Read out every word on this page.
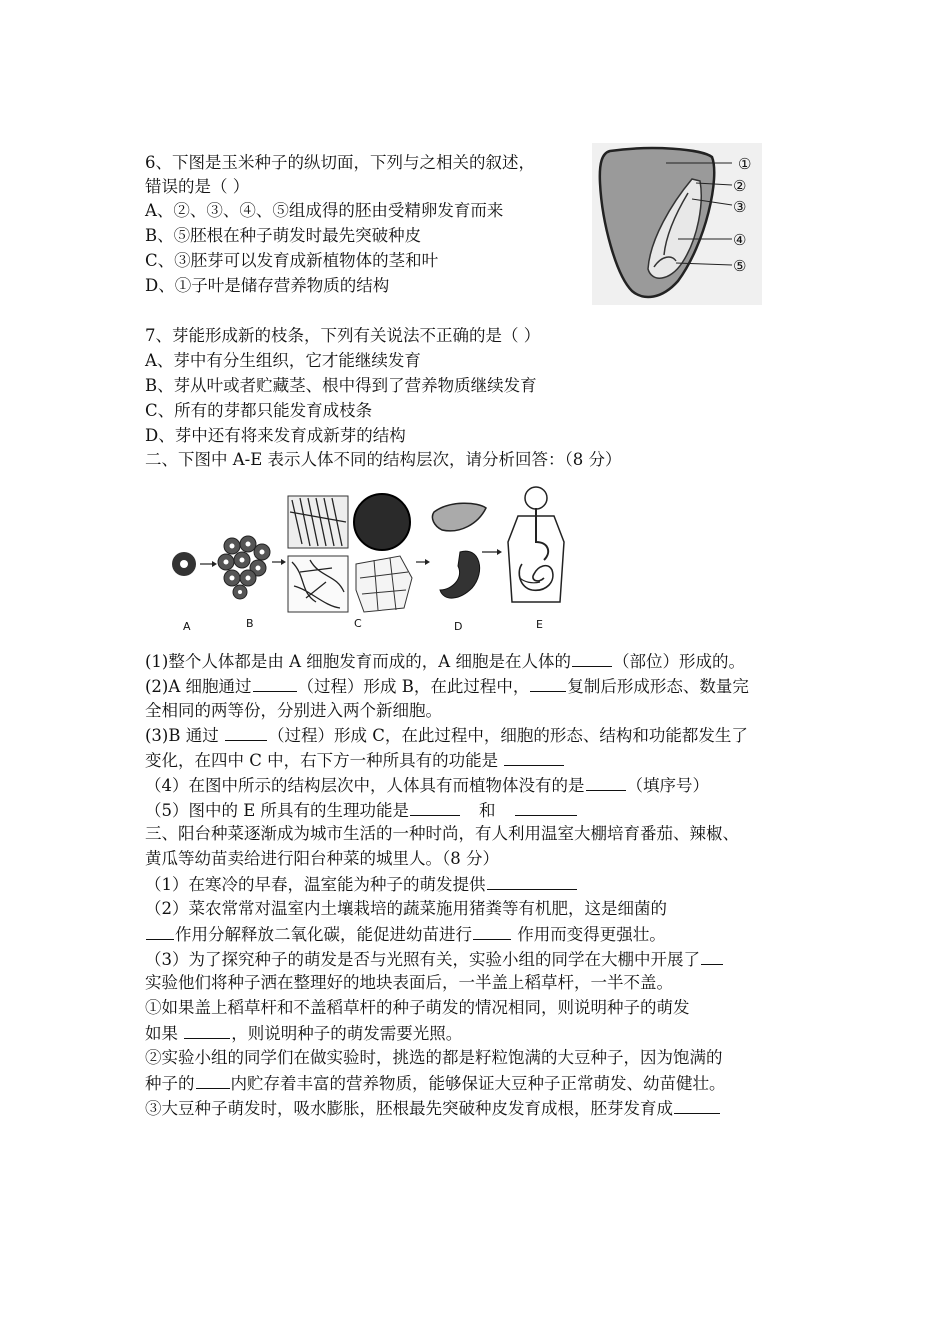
6、下图是玉米种子的纵切面，下列与之相关的叙述，
错误的是（ ）
A、②、③、④、⑤组成得的胚由受精卵发育而来
B、⑤胚根在种子萌发时最先突破种皮
C、③胚芽可以发育成新植物体的茎和叶
D、①子叶是储存营养物质的结构
①
②
③
④
⑤
7、芽能形成新的枝条，下列有关说法不正确的是（ ）
A、芽中有分生组织，它才能继续发育
B、芽从叶或者贮藏茎、根中得到了营养物质继续发育
C、所有的芽都只能发育成枝条
D、芽中还有将来发育成新芽的结构
二、下图中 A-E 表示人体不同的结构层次，请分析回答：（8 分）
A	B	C	D	E
(1)整个人体都是由 A 细胞发育而成的，A 细胞是在人体的	（部位）形成的。
(2)A 细胞通过	（过程）形成 B，在此过程中， 复制后形成形态、数量完
全相同的两等份，分别进入两个新细胞。
(3)B 通过	（过程）形成 C，在此过程中，细胞的形态、结构和功能都发生了
变化，在四中 C 中，右下方一种所具有的功能是
（4）在图中所示的结构层次中，人体具有而植物体没有的是	（填序号）
（5）图中的 E 所具有的生理功能是	和
三、阳台种菜逐渐成为城市生活的一种时尚，有人利用温室大棚培育番茄、辣椒、
黄瓜等幼苗卖给进行阳台种菜的城里人。（8 分）
（1）在寒冷的早春，温室能为种子的萌发提供
（2）菜农常常对温室内土壤栽培的蔬菜施用猪粪等有机肥，这是细菌的
作用分解释放二氧化碳，能促进幼苗进行 作用而变得更强壮。
（3）为了探究种子的萌发是否与光照有关，实验小组的同学在大棚中开展了
实验他们将种子洒在整理好的地块表面后，一半盖上稻草杆，一半不盖。
①如果盖上稻草杆和不盖稻草杆的种子萌发的情况相同，则说明种子的萌发
如果	，则说明种子的萌发需要光照。
②实验小组的同学们在做实验时，挑选的都是籽粒饱满的大豆种子，因为饱满的
种子的 内贮存着丰富的营养物质，能够保证大豆种子正常萌发、幼苗健壮。
③大豆种子萌发时，吸水膨胀，胚根最先突破种皮发育成根，胚芽发育成
